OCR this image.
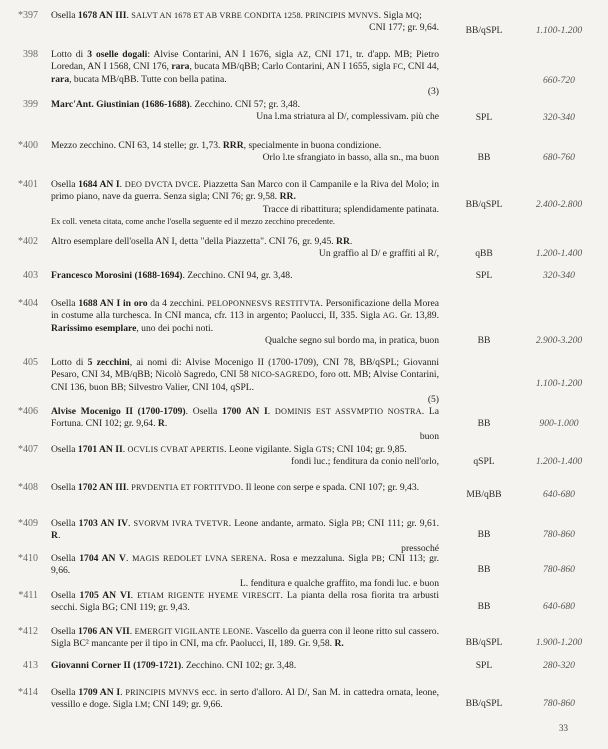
*397 Osella 1678 AN III. SALVT AN 1678 ET AB VRBE CONDITA 1258. PRINCIPIS MVNVS. Sigla MQ;
CNI 177; gr. 9,64.	BB/qSPL	1.100-1.200
398 Lotto di 3 oselle dogali: Alvise Contarini, AN I 1676, sigla AZ, CNI 171, tr. d'app. MB; Pietro Loredan, AN I 1568, CNI 176, rara, bucata MB/qBB; Carlo Contarini, AN I 1655, sigla FC, CNI 44, rara, bucata MB/qBB. Tutte con bella patina.
(3)
660-720
399 Marc'Ant. Giustinian (1686-1688). Zecchino. CNI 57; gr. 3,48.
Una l.ma striatura al D/, complessivam. più che	SPL	320-340
*400 Mezzo zecchino. CNI 63, 14 stelle; gr. 1,73. RRR, specialmente in buona condizione.
Orlo l.te sfrangiato in basso, alla sn., ma buon	BB	680-760
*401 Osella 1684 AN I. DEO DVCTA DVCE. Piazzetta San Marco con il Campanile e la Riva del Molo; in primo piano, nave da guerra. Senza sigla; CNI 76; gr. 9,58. RR.
Tracce di ribattitura; splendidamente patinata.
Ex coll. veneta citata, come anche l'osella seguente ed il mezzo zecchino precedente.
BB/qSPL	2.400-2.800
*402 Altro esemplare dell'osella AN I, detta "della Piazzetta". CNI 76, gr. 9,45. RR.
Un graffio al D/ e graffiti al R/,	qBB	1.200-1.400
403 Francesco Morosini (1688-1694). Zecchino. CNI 94, gr. 3,48.	SPL	320-340
*404 Osella 1688 AN I in oro da 4 zecchini. PELOPONNESVS RESTITVTA. Personificazione della Morea in costume alla turchesca. In CNI manca, cfr. 113 in argento; Paolucci, II, 335. Sigla AG. Gr. 13,89. Rarissimo esemplare, uno dei pochi noti.
Qualche segno sul bordo ma, in pratica, buon	BB	2.900-3.200
405 Lotto di 5 zecchini, ai nomi di: Alvise Mocenigo II (1700-1709), CNI 78, BB/qSPL; Giovanni Pesaro, CNI 34, MB/qBB; Nicolò Sagredo, CNI 58 NICO-SAGREDO, foro ott. MB; Alvise Contarini, CNI 136, buon BB; Silvestro Valier, CNI 104, qSPL.
(5)
1.100-1.200
*406 Alvise Mocenigo II (1700-1709). Osella 1700 AN I. DOMINIS EST ASSVMPTIO NOSTRA. La Fortuna. CNI 102; gr. 9,64. R.
buon
BB	900-1.000
*407 Osella 1701 AN II. OCVLIS CVBAT APERTIS. Leone vigilante. Sigla GTS; CNI 104; gr. 9,85.
fondi luc.; fenditura da conio nell'orlo,	qSPL	1.200-1.400
*408 Osella 1702 AN III. PRVDENTIA ET FORTITVDO. Il leone con serpe e spada. CNI 107; gr. 9,43.
MB/qBB	640-680
*409 Osella 1703 AN IV. SVORVM IVRA TVETVR. Leone andante, armato. Sigla PB; CNI 111; gr. 9,61. R.
pressoché
BB	780-860
*410 Osella 1704 AN V. MAGIS REDOLET LVNA SERENA. Rosa e mezzaluna. Sigla PB; CNI 113; gr. 9,66.
L. fenditura e qualche graffito, ma fondi luc. e buon
BB	780-860
*411 Osella 1705 AN VI. ETIAM RIGENTE HYEME VIRESCIT. La pianta della rosa fiorita tra arbusti secchi. Sigla BG; CNI 119; gr. 9,43.	BB	640-680
*412 Osella 1706 AN VII. EMERGIT VIGILANTE LEONE. Vascello da guerra con il leone ritto sul cassero. Sigla BC² mancante per il tipo in CNI, ma cfr. Paolucci, II, 189. Gr. 9,58. R.	BB/qSPL	1.900-1.200
413 Giovanni Corner II (1709-1721). Zecchino. CNI 102; gr. 3,48.	SPL	280-320
*414 Osella 1709 AN I. PRINCIPIS MVNVS ecc. in serto d'alloro. Al D/, San M. in cattedra ornata, leone, vessillo e doge. Sigla LM; CNI 149; gr. 9,66.	BB/qSPL	780-860
33
